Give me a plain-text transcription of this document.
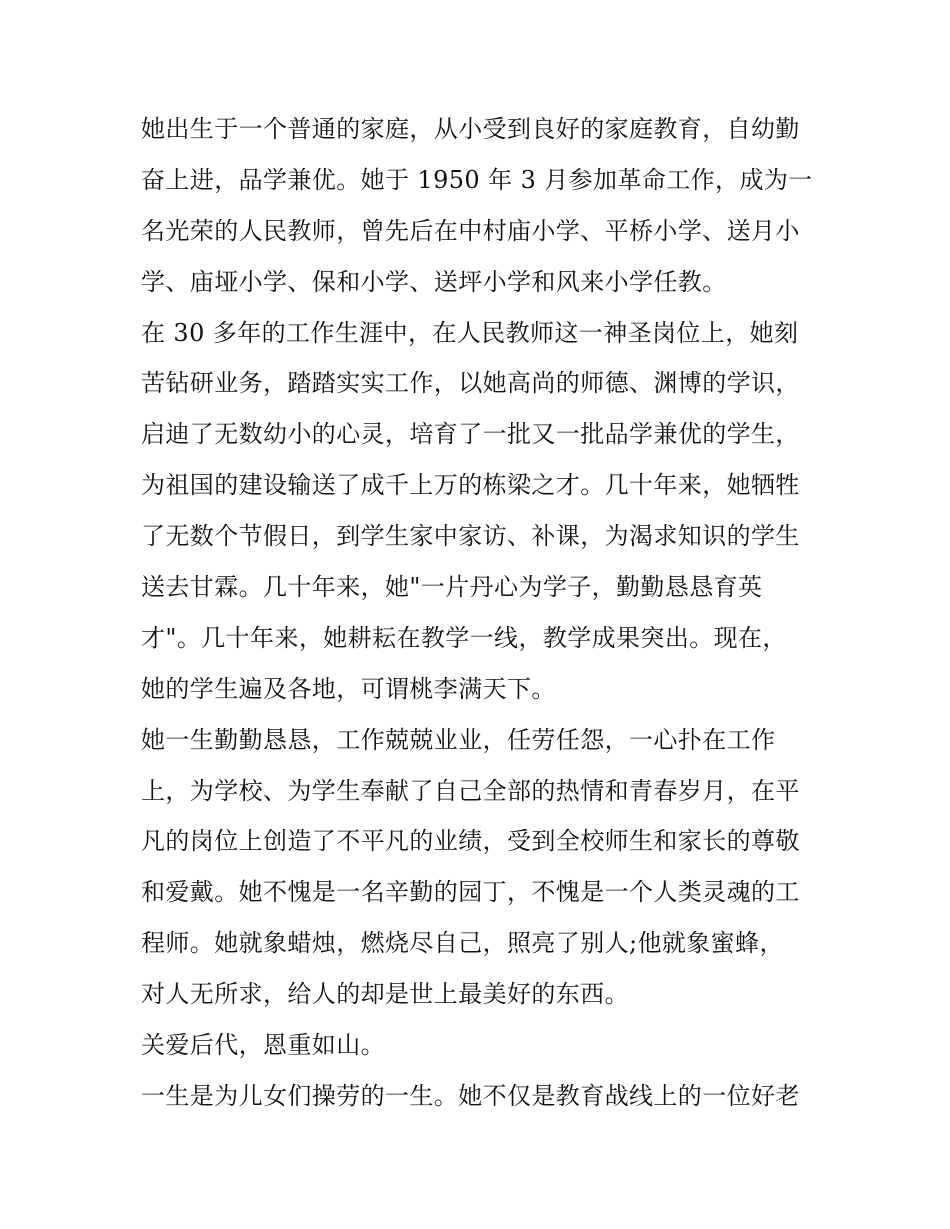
她出生于一个普通的家庭，从小受到良好的家庭教育，自幼勤
奋上进，品学兼优。她于 1950 年 3 月参加革命工作，成为一
名光荣的人民教师，曾先后在中村庙小学、平桥小学、送月小
学、庙垭小学、保和小学、送坪小学和风来小学任教。
在 30 多年的工作生涯中，在人民教师这一神圣岗位上，她刻
苦钻研业务，踏踏实实工作，以她高尚的师德、渊博的学识，
启迪了无数幼小的心灵，培育了一批又一批品学兼优的学生，
为祖国的建设输送了成千上万的栋梁之才。几十年来，她牺牲
了无数个节假日，到学生家中家访、补课，为渴求知识的学生
送去甘霖。几十年来，她"一片丹心为学子，勤勤恳恳育英
才"。几十年来，她耕耘在教学一线，教学成果突出。现在，
她的学生遍及各地，可谓桃李满天下。
她一生勤勤恳恳，工作兢兢业业，任劳任怨，一心扑在工作
上，为学校、为学生奉献了自己全部的热情和青春岁月，在平
凡的岗位上创造了不平凡的业绩，受到全校师生和家长的尊敬
和爱戴。她不愧是一名辛勤的园丁，不愧是一个人类灵魂的工
程师。她就象蜡烛，燃烧尽自己，照亮了别人;他就象蜜蜂，
对人无所求，给人的却是世上最美好的东西。
关爱后代，恩重如山。
一生是为儿女们操劳的一生。她不仅是教育战线上的一位好老
